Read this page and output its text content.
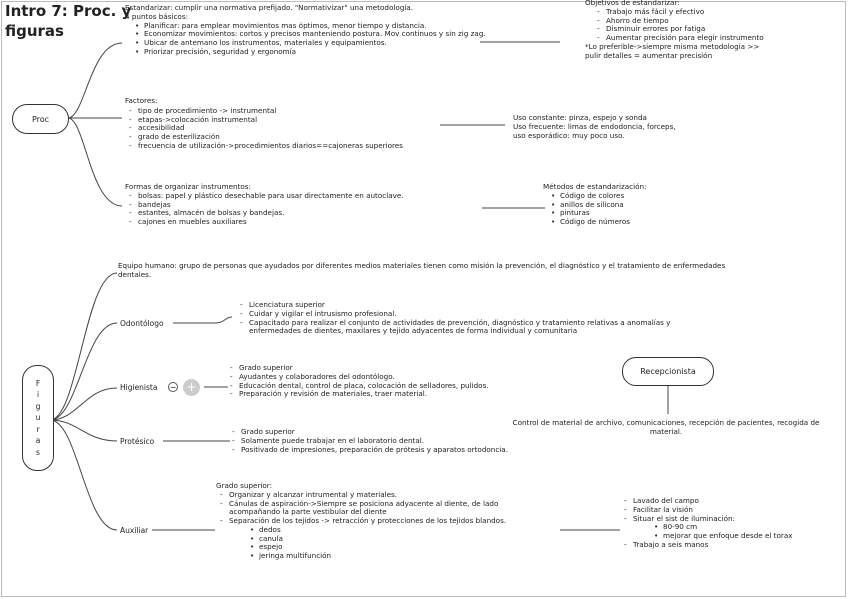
Intro 7: Proc. y
figuras
Proc
Estandarizar: cumplir una normativa prefijado. "Normativizar" una metodología.
4 puntos básicos:
• Planificar: para emplear movimientos mas óptimos, menor tiempo y distancia.
• Economizar movimientos: cortos y precisos manteniendo postura. Mov continuos y sin zig zag.
• Ubicar de antemano los instrumentos, materiales y equipamientos.
• Priorizar precisión, seguridad y ergonomía
Objetivos de estandarizar:
- Trabajo más fácil y efectivo
- Ahorro de tiempo
- Disminuir errores por fatiga
- Aumentar precisión para elegir instrumento
*Lo preferible->siempre misma metodología >>
pulir detalles = aumentar precisión
Factores:
- tipo de procedimiento -> instrumental
- etapas->colocación instrumental
- accesibilidad
- grado de esterilización
- frecuencia de utilización->procedimientos diarios==cajoneras superiores
Uso constante: pinza, espejo y sonda
Uso frecuente: limas de endodoncia, forceps,
uso esporádico: muy poco uso.
Formas de organizar instrumentos:
- bolsas: papel y plástico desechable para usar directamente en autoclave.
- bandejas
- estantes, almacén de bolsas y bandejas.
- cajones en muebles auxiliares
Métodos de estandarización:
• Código de colores
• anillos de silicona
• pinturas
• Código de números
F
i
g
u
r
a
s
Equipo humano: grupo de personas que ayudados por diferentes medios materiales tienen como misión la prevención, el diagnóstico y el tratamiento de enfermedades
dentales.
Odontólogo
- Licenciatura superior
- Cuidar y vigilar el intrusismo profesional.
- Capacitado para realizar el conjunto de actividades de prevención, diagnóstico y tratamiento relativas a anomalías y
enfermedades de dientes, maxilares y tejido adyacentes de forma individual y comunitaria
Higienista − +
- Grado superior
- Ayudantes y colaboradores del odontólogo.
- Educación dental, control de placa, colocación de selladores, pulidos.
- Preparación y revisión de materiales, traer material.
Recepcionista
Control de material de archivo, comunicaciones, recepción de pacientes, recogida de
material.
Protésico
- Grado superior
- Solamente puede trabajar en el laboratorio dental.
- Positivado de impresiones, preparación de prótesis y aparatos ortodoncia.
Auxiliar
Grado superior:
- Organizar y alcanzar intrumental y materiales.
- Cánulas de aspiración->Siempre se posiciona adyacente al diente, de lado
acompañando la parte vestibular del diente
- Separación de los tejidos -> retracción y protecciones de los tejidos blandos.
• dedos
• canula
• espejo
• jeringa multifunción
- Lavado del campo
- Facilitar la visión
- Situar el sist de iluminación:
• 80-90 cm
• mejorar que enfoque desde el torax
- Trabajo a seis manos
